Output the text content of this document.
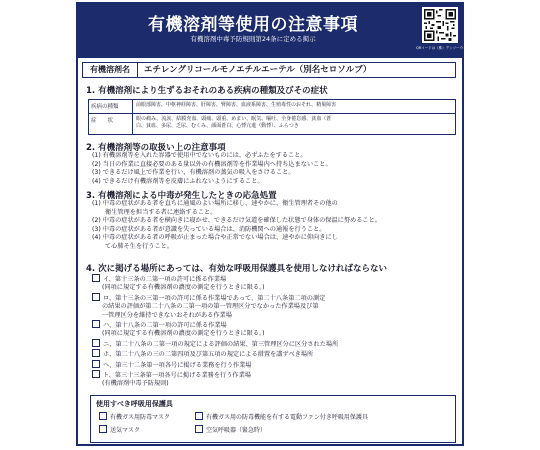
有機溶剤等使用の注意事項
有機溶剤中毒予防規則第24条に定める掲示
QRコードは（株）デンソーウェーブの登録商標です
有機溶剤名	エチレングリコールモノエチルエーテル（別名セロソルブ）
1. 有機溶剤により生ずるおそれのある疾病の種類及びその症状
疾病の種類	前眼部障害、中枢神経障害、肝障害、腎障害、血液系障害、生殖毒性のおそれ、精巣障害
症　　状	眼の痛み、流涙、結膜充血、頭痛、頭重、めまい、眠気、嘔吐、全身倦怠感、貧血（蒼
白、貧血、多尿、乏尿、むくみ、顔面蒼白、心悸亢進（動悸）、ふらつき
2. 有機溶剤等の取扱い上の注意事項

(1) 有機溶剤等を入れた容器で使用中でないものには、必ずふたをすること。

(2) 当日の作業に直接必要のある量以外の有機溶剤等を作業場内へ持ち込まないこと。

(3) できるだけ風上で作業を行い、有機溶剤の蒸気の吸入をさけること。

(4) できるだけ有機溶剤等を皮膚にふれないようにすること。

3. 有機溶剤による中毒が発生したときの応急処置

(1) 中毒の症状がある者を直ちに通風のよい場所に移し、速やかに、衛生管理者その他の

衛生管理を担当する者に連絡すること。

(2) 中毒の症状がある者を横向きに寝かせ、できるだけ気道を確保した状態で身体の保温に努めること。

(3) 中毒の症状がある者が意識を失っている場合は、消防機関への通報を行うこと。

(4) 中毒の症状がある者の呼吸が止まった場合や正常でない場合は、速やかに仰向きにし

て心肺そ生を行うこと。

4. 次に掲げる場所にあっては、有効な呼吸用保護具を使用しなければならない
イ、第十三条の二第一項の許可に係る作業場
(同項に規定する有機溶剤の濃度の測定を行うときに限る。)
ロ、第十三条の三第一項の許可に係る作業場であって、第二十八条第二項の測定
の結果の評価が第二十八条の二第一項の第一管理区分でなかった作業場及び第
一管理区分を維持できないおそれがある作業場
ハ、第十八条の二第一項の許可に係る作業場
(同項に規定する有機溶剤の濃度の測定を行うときに限る。)
ニ、第二十八条の二第一項の規定による評価の結果、第三管理区分に区分された場所
ホ、第二十八条の三の二第四項及び第五項の規定による措置を講ずべき場所
ヘ、第三十二条第一項各号に掲げる業務を行う作業場
ト、第三十三条第一項各号に掲げる業務を行う作業場
(有機溶剤中毒予防規則)
使用すべき呼吸用保護具
有機ガス用防毒マスク	有機ガス用の防毒機能を有する電動ファン付き呼吸用保護具
送気マスク	空気呼吸器（緊急時）
